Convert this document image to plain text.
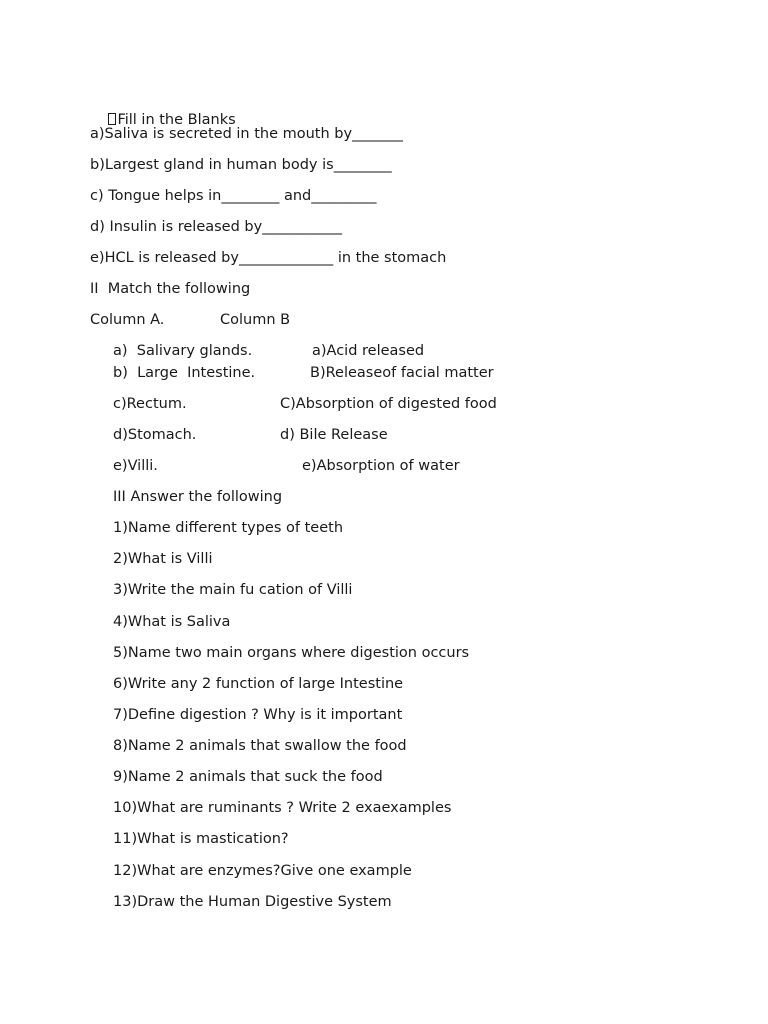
Fill in the Blanks

a)Saliva is secreted in the mouth by_______
b)Largest gland in human body is________
c) Tongue helps in________ and_________
d) Insulin is released by___________
e)HCL is released by_____________ in the stomach
II  Match the following
Column A.	Column B
a)  Salivary glands.	a)Acid released
b)  Large  Intestine.	B)Releaseof facial matter
c)Rectum.	C)Absorption of digested food
d)Stomach.	d) Bile Release
e)Villi.	e)Absorption of water
III Answer the following
1)Name different types of teeth
2)What is Villi
3)Write the main fu cation of Villi
4)What is Saliva
5)Name two main organs where digestion occurs
6)Write any 2 function of large Intestine
7)Define digestion ? Why is it important
8)Name 2 animals that swallow the food
9)Name 2 animals that suck the food
10)What are ruminants ? Write 2 exaexamples
11)What is mastication?
12)What are enzymes?Give one example
13)Draw the Human Digestive System
